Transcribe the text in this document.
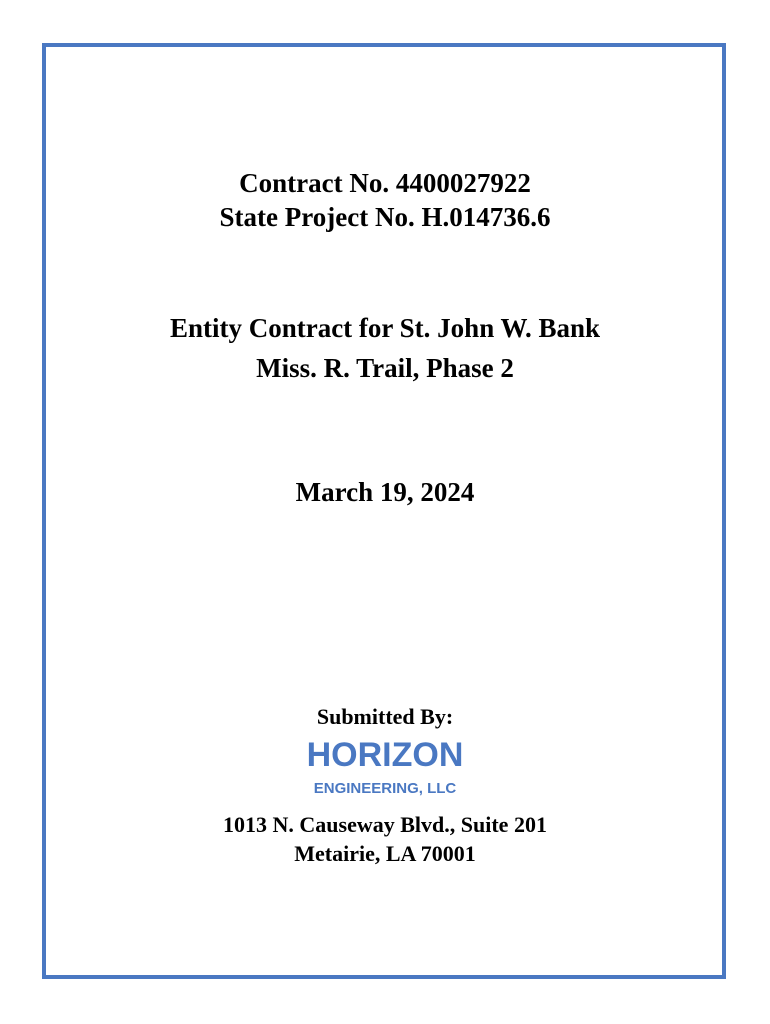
Contract No. 4400027922
State Project No. H.014736.6
Entity Contract for St. John W. Bank
Miss. R. Trail, Phase 2
March 19, 2024
Submitted By:
HORIZON
ENGINEERING, LLC
1013 N. Causeway Blvd., Suite 201
Metairie, LA 70001
